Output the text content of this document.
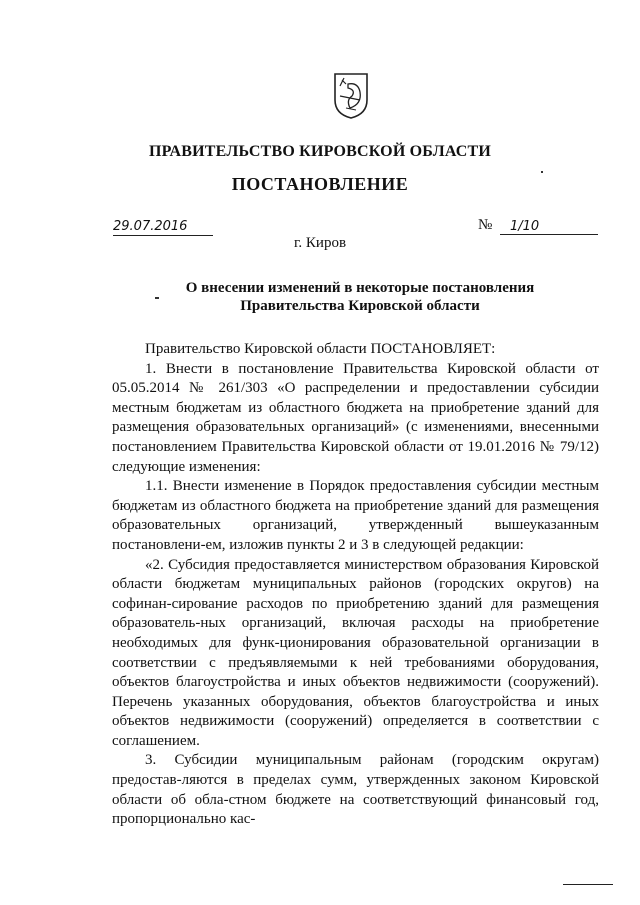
ПРАВИТЕЛЬСТВО КИРОВСКОЙ ОБЛАСТИ
ПОСТАНОВЛЕНИЕ
29.07.2016	№	1/10
г. Киров
О внесении изменений в некоторые постановления
Правительства Кировской области

Правительство Кировской области ПОСТАНОВЛЯЕТ:

1. Внести в постановление Правительства Кировской области от 05.05.2014 № 261/303 «О распределении и предоставлении субсидии местным бюджетам из областного бюджета на приобретение зданий для размещения образовательных организаций» (с изменениями, внесенными постановлением Правительства Кировской области от 19.01.2016 № 79/12) следующие изменения:

1.1. Внести изменение в Порядок предоставления субсидии местным бюджетам из областного бюджета на приобретение зданий для размещения образовательных организаций, утвержденный вышеуказанным постановлени-ем, изложив пункты 2 и 3 в следующей редакции:

«2. Субсидия предоставляется министерством образования Кировской области бюджетам муниципальных районов (городских округов) на софинан-сирование расходов по приобретению зданий для размещения образователь-ных организаций, включая расходы на приобретение необходимых для функ-ционирования образовательной организации в соответствии с предъявляемыми к ней требованиями оборудования, объектов благоустройства и иных объектов недвижимости (сооружений). Перечень указанных оборудования, объектов благоустройства и иных объектов недвижимости (сооружений) определяется в соответствии с соглашением.

3. Субсидии муниципальным районам (городским округам) предостав-ляются в пределах сумм, утвержденных законом Кировской области об обла-стном бюджете на соответствующий финансовый год, пропорционально кас-
